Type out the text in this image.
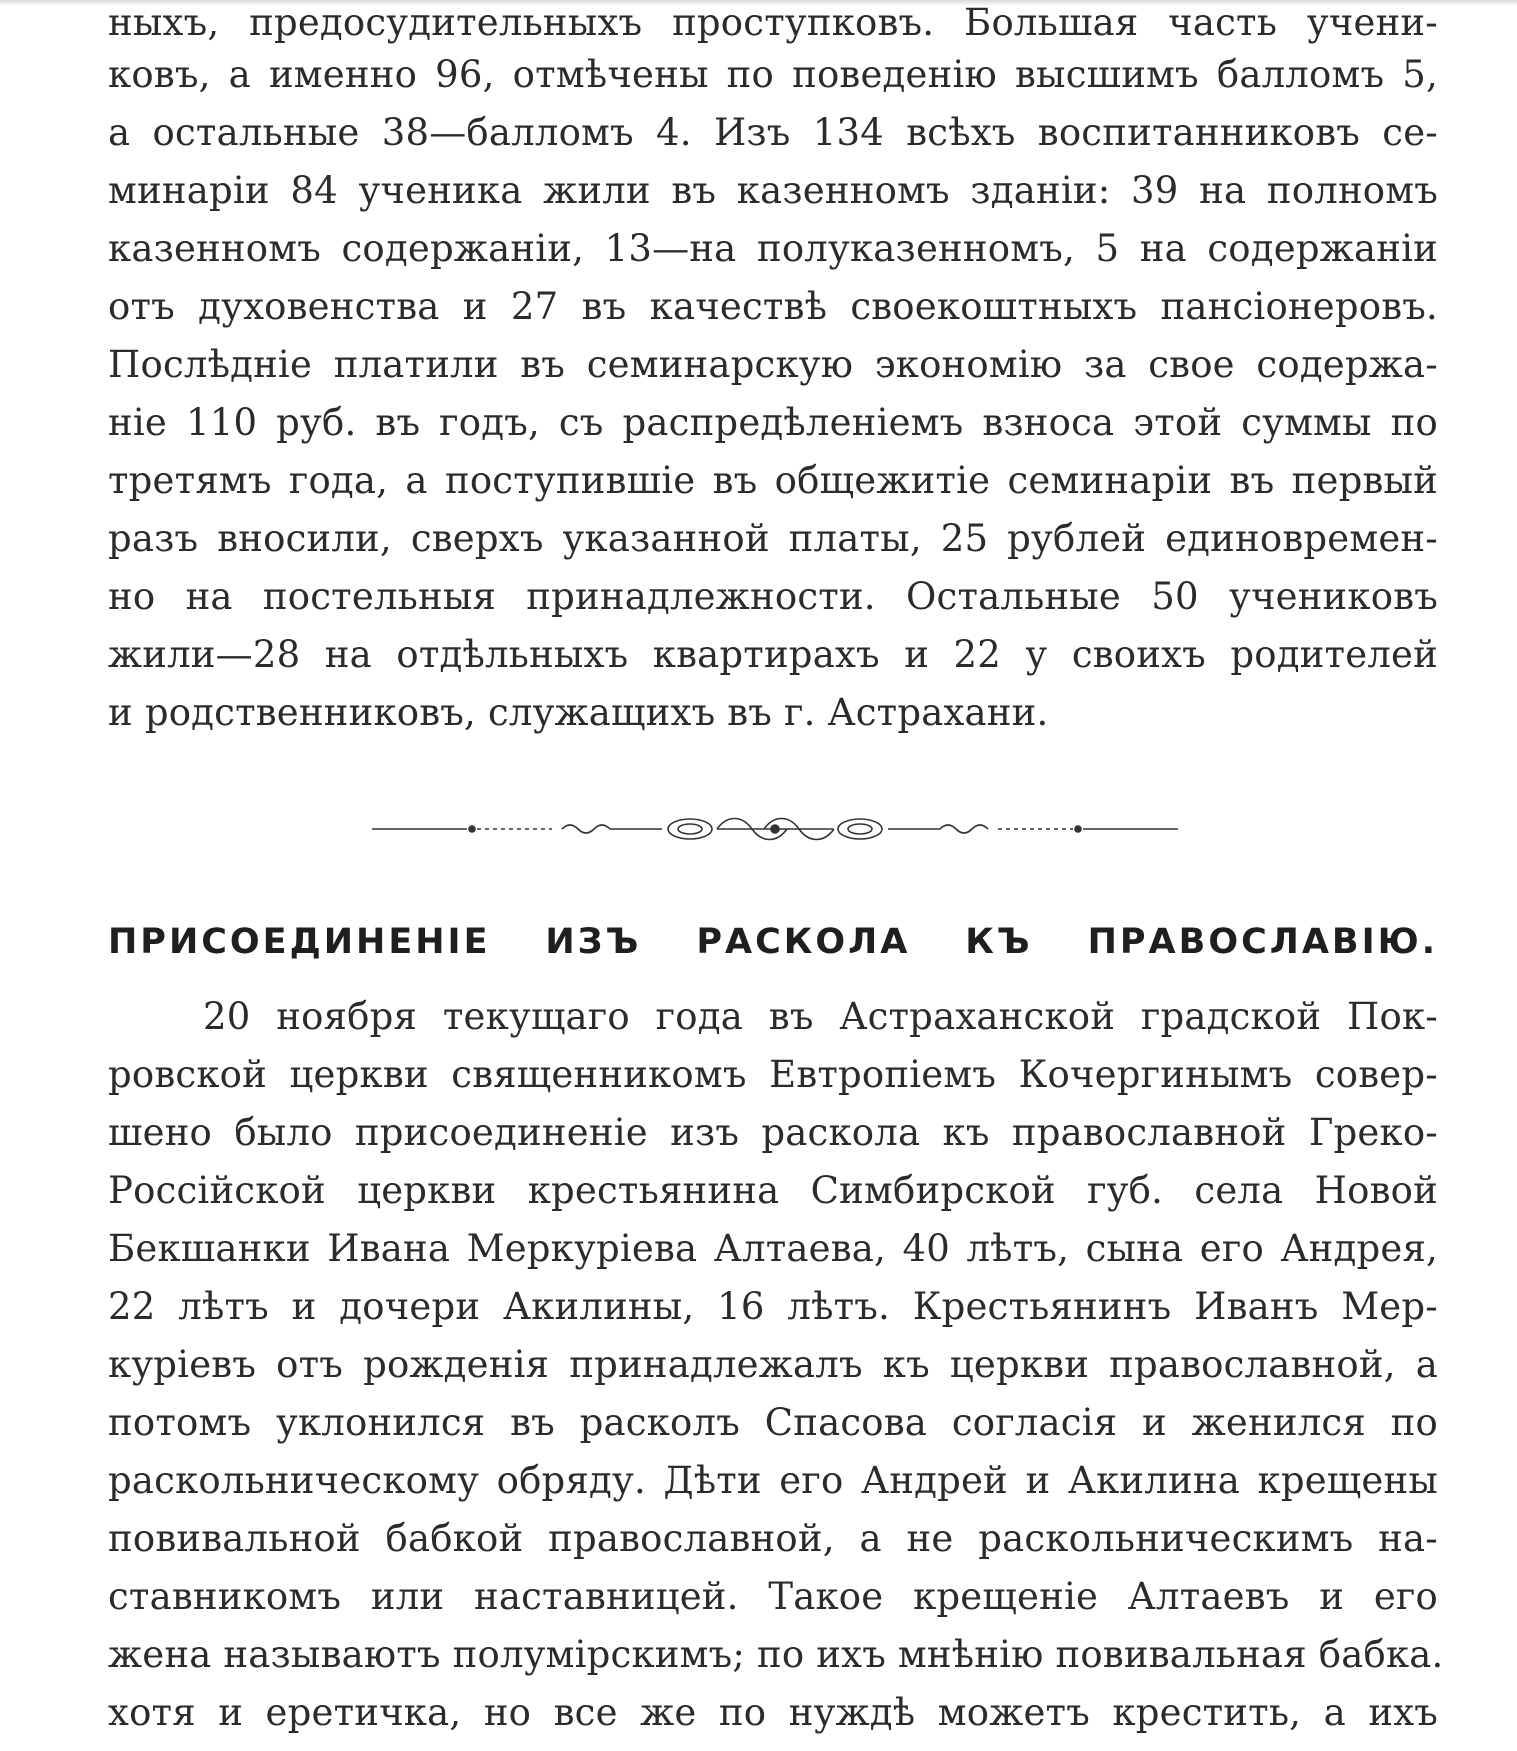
ныхъ, предосудительныхъ проступковъ. Большая часть учени-
ковъ, а именно 96, отмѣчены по поведенію высшимъ балломъ 5,
а остальные 38—балломъ 4. Изъ 134 всѣхъ воспитанниковъ се-
минаріи 84 ученика жили въ казенномъ зданіи: 39 на полномъ
казенномъ содержаніи, 13—на полуказенномъ, 5 на содержаніи
отъ духовенства и 27 въ качествѣ своекоштныхъ пансіонеровъ.
Послѣдніе платили въ семинарскую экономію за свое содержа-
ніе 110 руб. въ годъ, съ распредѣленіемъ взноса этой суммы по
третямъ года, а поступившіе въ общежитіе семинаріи въ первый
разъ вносили, сверхъ указанной платы, 25 рублей единовремен-
но на постельныя принадлежности. Остальные 50 учениковъ
жили—28 на отдѣльныхъ квартирахъ и 22 у своихъ родителей
и родственниковъ, служащихъ въ г. Астрахани.
ПРИСОЕДИНЕНІЕ ИЗЪ РАСКОЛА КЪ ПРАВОСЛАВІЮ.
20 ноября текущаго года въ Астраханской градской Пок-
ровской церкви священникомъ Евтропіемъ Кочергинымъ совер-
шено было присоединеніе изъ раскола къ православной Греко-
Россійской церкви крестьянина Симбирской губ. села Новой
Бекшанки Ивана Меркуріева Алтаева, 40 лѣтъ, сына его Андрея,
22 лѣтъ и дочери Акилины, 16 лѣтъ. Крестьянинъ Иванъ Мер-
куріевъ отъ рожденія принадлежалъ къ церкви православной, а
потомъ уклонился въ расколъ Спасова согласія и женился по
раскольническому обряду. Дѣти его Андрей и Акилина крещены
повивальной бабкой православной, а не раскольническимъ на-
ставникомъ или наставницей. Такое крещеніе Алтаевъ и его
жена называютъ полумірскимъ; по ихъ мнѣнію повивальная бабка.
хотя и еретичка, но все же по нуждѣ можетъ крестить, а ихъ
